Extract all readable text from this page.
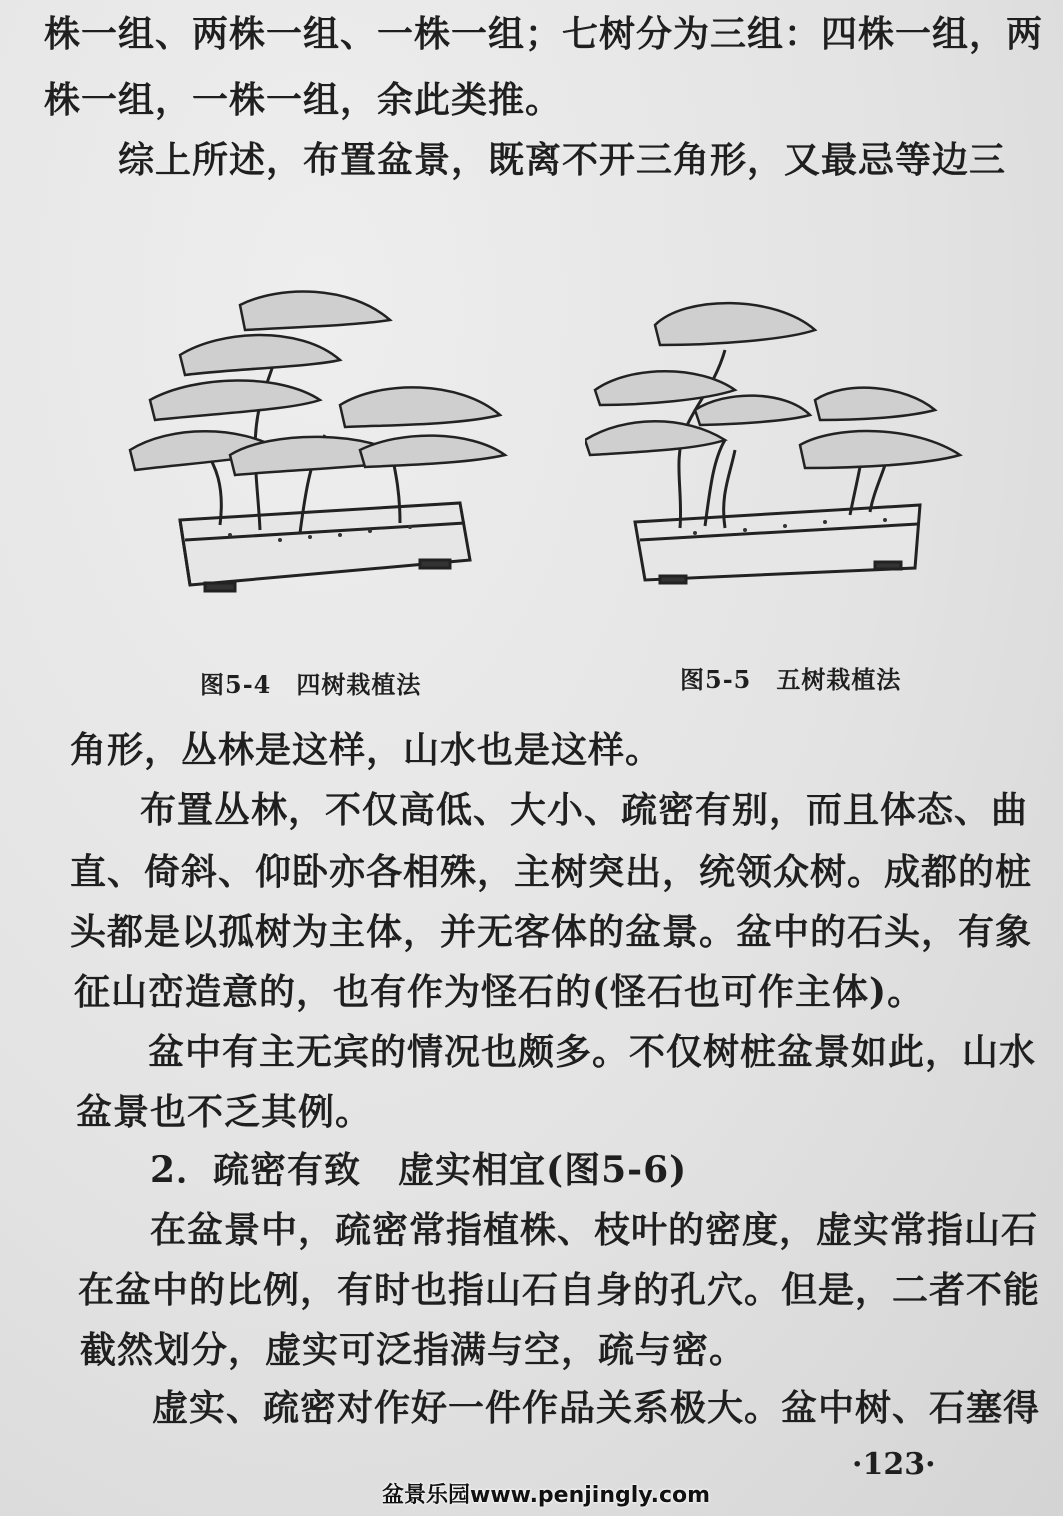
株一组、两株一组、一株一组；七树分为三组：四株一组，两
株一组，一株一组，余此类推。
综上所述，布置盆景，既离不开三角形，又最忌等边三
图5-4　四树栽植法	图5-5　五树栽植法
角形，丛林是这样，山水也是这样。
布置丛林，不仅高低、大小、疏密有别，而且体态、曲
直、倚斜、仰卧亦各相殊，主树突出，统领众树。成都的桩
头都是以孤树为主体，并无客体的盆景。盆中的石头，有象
征山峦造意的，也有作为怪石的(怪石也可作主体)。
盆中有主无宾的情况也颇多。不仅树桩盆景如此，山水
盆景也不乏其例。
2．疏密有致　虚实相宜(图5-6)
在盆景中，疏密常指植株、枝叶的密度，虚实常指山石
在盆中的比例，有时也指山石自身的孔穴。但是，二者不能
截然划分，虚实可泛指满与空，疏与密。
虚实、疏密对作好一件作品关系极大。盆中树、石塞得
·123·
盆景乐园www.penjingly.com
